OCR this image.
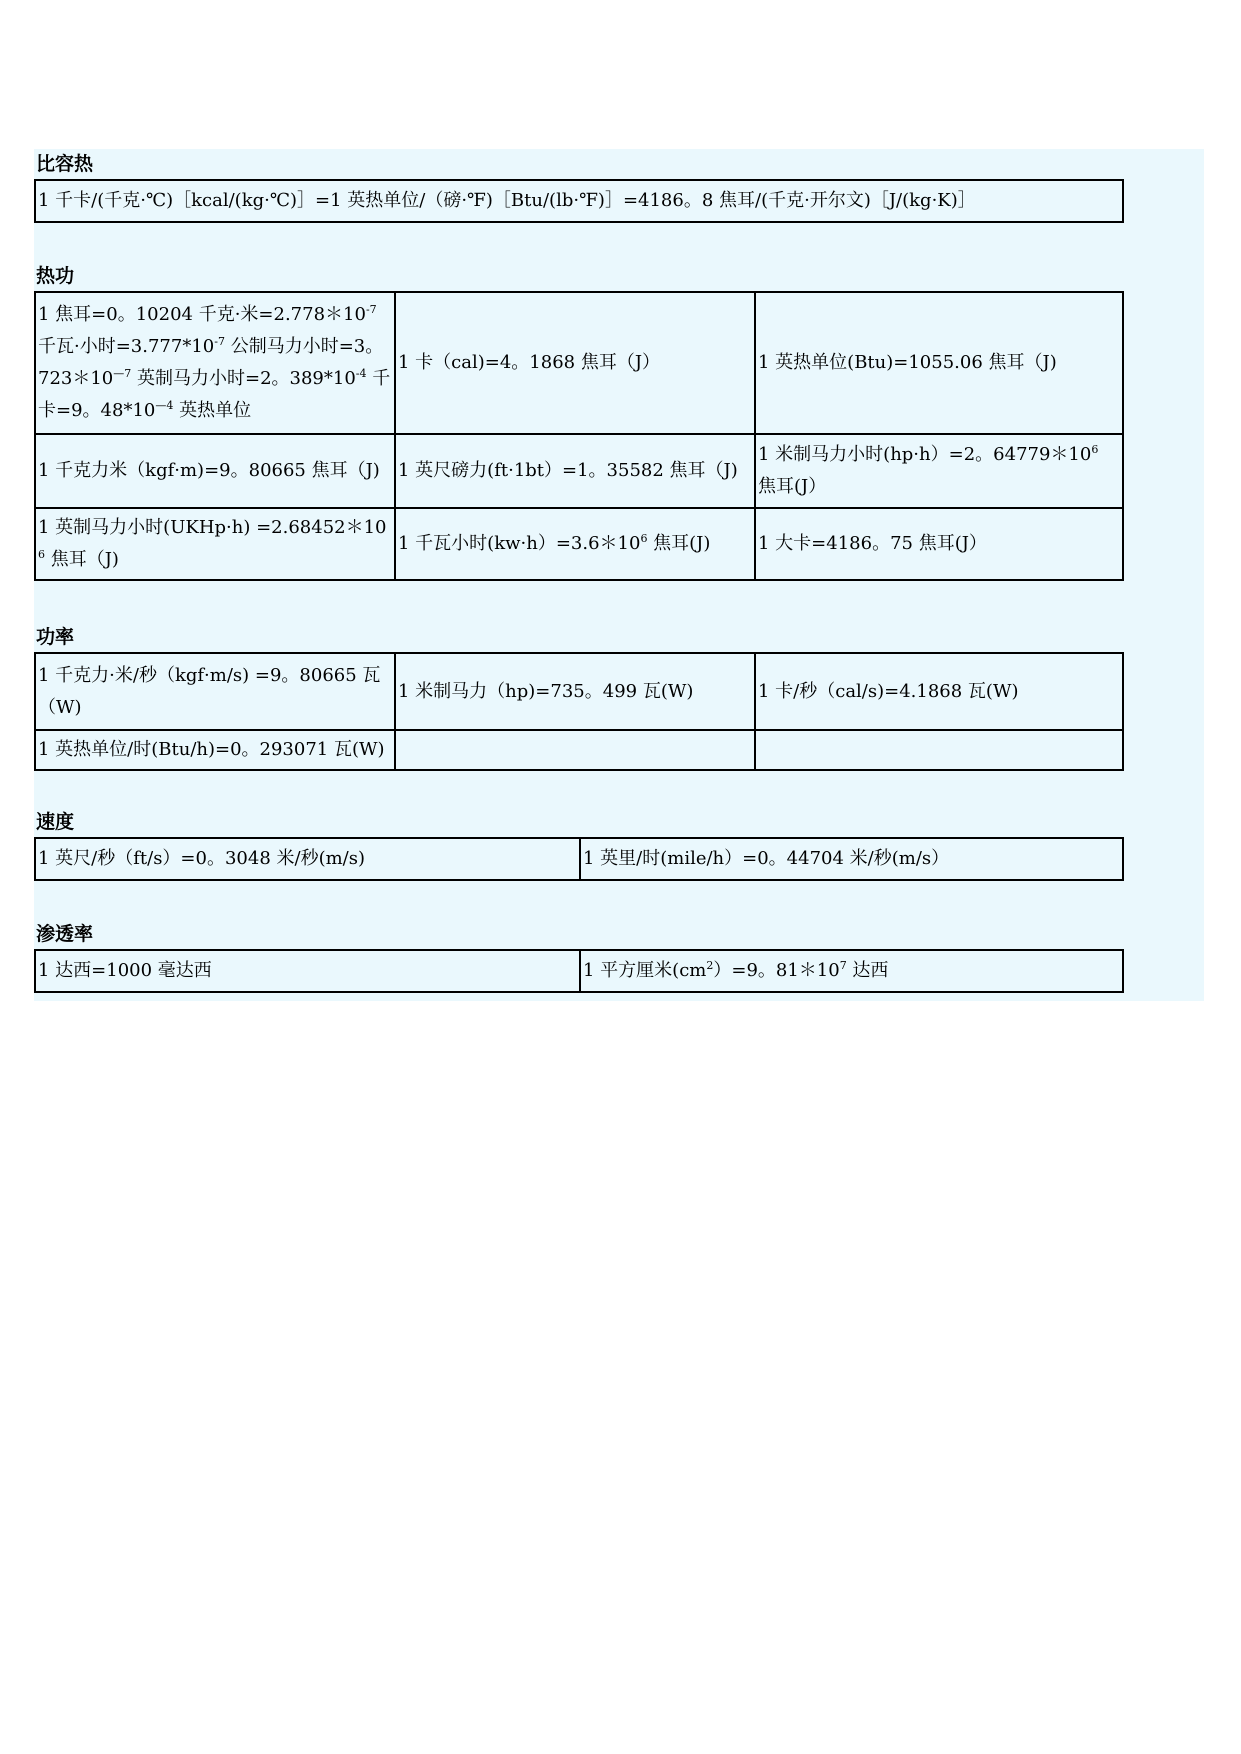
比容热
1 千卡/(千克·℃)［kcal/(kg·℃)］=1 英热单位/（磅·℉)［Btu/(lb·℉)］=4186。8 焦耳/(千克·开尔文)［J/(kg·K)］
热功
1 焦耳=0。10204 千克·米$=2.778*10^{-7}$ 千瓦·小时$=3.777*10^{-7}$ 公制马力小时=3。$723*10^{—7}$ 英制马力小时=2。$389*10^{-4}$ 千卡=9。$48*10^{—4}$ 英热单位	1 卡（cal)=4。1868 焦耳（J）	1 英热单位(Btu)=1055.06 焦耳（J)
1 千克力米（kgf·m)=9。80665 焦耳（J)	1 英尺磅力(ft·1bt）=1。35582 焦耳（J)	1 米制马力小时(hp·h）=2。$64779*10^6$ 焦耳(J）
1 英制马力小时(UKHp·h) $=2.68452*10^6$ 焦耳（J)	1 千瓦小时$(kw\cdot h)=3.6*10^6$ 焦耳(J)	1 大卡=4186。75 焦耳(J）
功率
1 千克力·米/秒（kgf·m/s) =9。80665 瓦（W)	1 米制马力（hp)=735。499 瓦(W)	1 卡/秒（cal/s)=4.1868 瓦(W)
1 英热单位/时(Btu/h)=0。293071 瓦(W)		
速度
1 英尺/秒（ft/s）=0。3048 米/秒(m/s)	1 英里/时(mile/h）=0。44704 米/秒(m/s）
渗透率
1 达西=1000 毫达西	1 平方厘米$(cm^2)=9$。$81*10^7$ 达西
